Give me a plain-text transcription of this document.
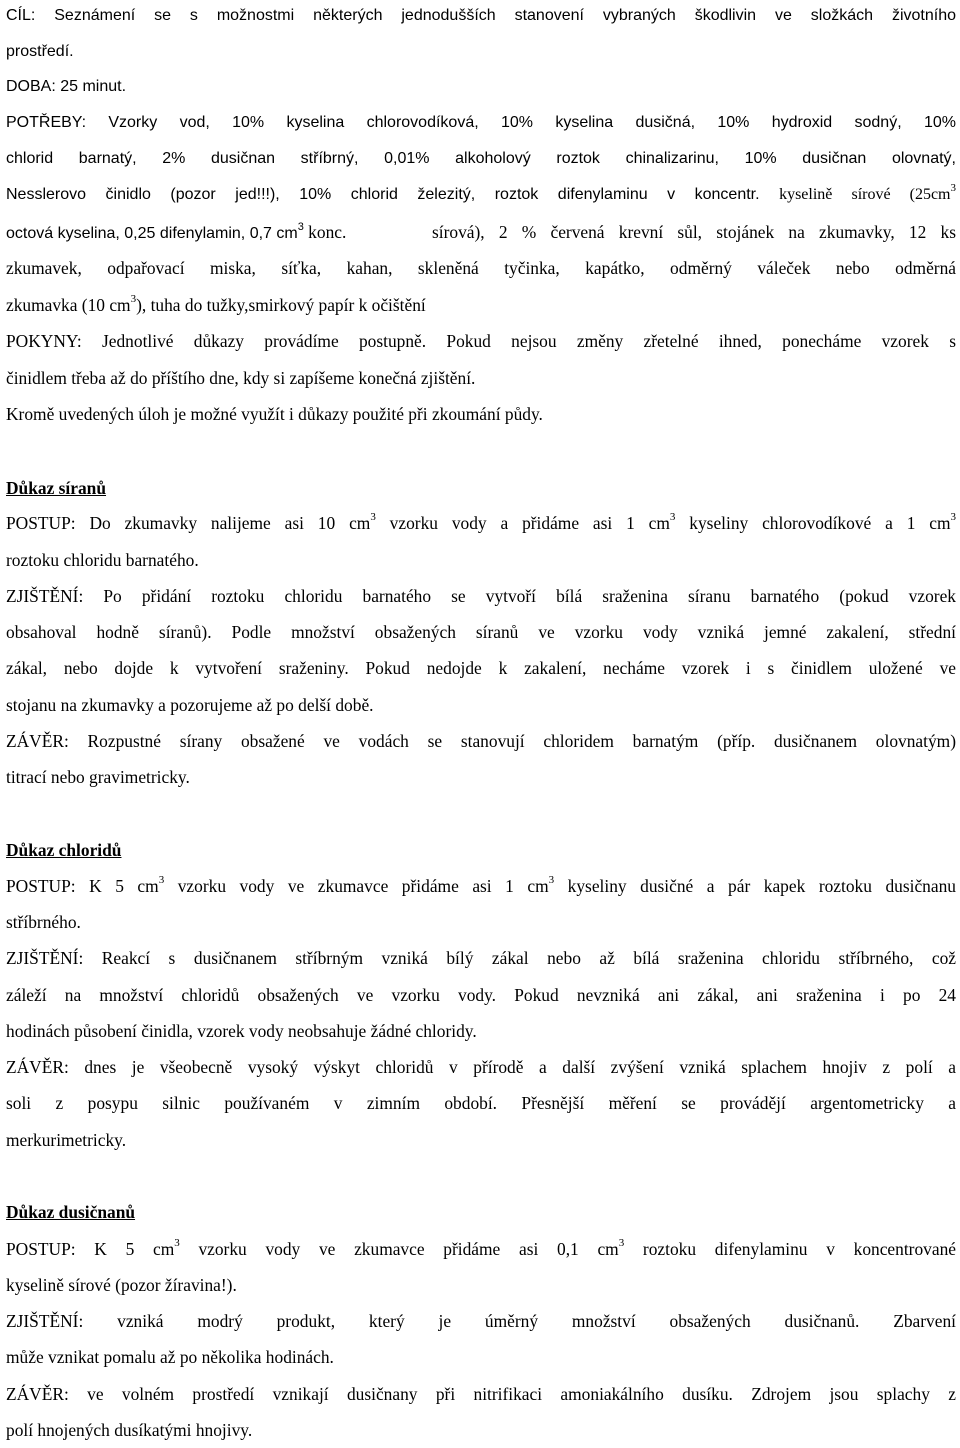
CÍL: Seznámení se s možnostmi některých jednodušších stanovení vybraných škodlivin ve složkách životního
prostředí.
DOBA: 25 minut.
POTŘEBY: Vzorky vod, 10% kyselina chlorovodíková, 10% kyselina dusičná, 10% hydroxid sodný, 10%
chlorid barnatý, 2% dusičnan stříbrný, 0,01% alkoholový roztok chinalizarinu, 10% dusičnan olovnatý,
Nesslerovo činidlo (pozor jed!!!), 10% chlorid železitý, roztok difenylaminu v koncentr. kyselině sírové ($25cm^3$
octová kyselina, 0,25 difenylamin, 0,7 $cm^3$ konc.	sírová), 2 % červená krevní sůl, stojánek na zkumavky, 12 ks
zkumavek, odpařovací miska, síťka, kahan, skleněná tyčinka, kapátko, odměrný váleček nebo odměrná
zkumavka (10 $cm^3$), tuha do tužky,smirkový papír k očištění
POKYNY: Jednotlivé důkazy provádíme postupně. Pokud nejsou změny zřetelné ihned, ponecháme vzorek s
činidlem třeba až do příštího dne, kdy si zapíšeme konečná zjištění.
Kromě uvedených úloh je možné využít i důkazy použité při zkoumání půdy.
Důkaz síranů
POSTUP: Do zkumavky nalijeme asi 10 $cm^3$ vzorku vody a přidáme asi 1 $cm^3$ kyseliny chlorovodíkové a 1 $cm^3$
roztoku chloridu barnatého.
ZJIŠTĚNÍ: Po přidání roztoku chloridu barnatého se vytvoří bílá sraženina síranu barnatého (pokud vzorek
obsahoval hodně síranů). Podle množství obsažených síranů ve vzorku vody vzniká jemné zakalení, střední
zákal, nebo dojde k vytvoření sraženiny. Pokud nedojde k zakalení, necháme vzorek i s činidlem uložené ve
stojanu na zkumavky a pozorujeme až po delší době.
ZÁVĚR: Rozpustné sírany obsažené ve vodách se stanovují chloridem barnatým (příp. dusičnanem olovnatým)
titrací nebo gravimetricky.
Důkaz chloridů
POSTUP: K 5 $cm^3$ vzorku vody ve zkumavce přidáme asi 1 $cm^3$ kyseliny dusičné a pár kapek roztoku dusičnanu
stříbrného.
ZJIŠTĚNÍ: Reakcí s dusičnanem stříbrným vzniká bílý zákal nebo až bílá sraženina chloridu stříbrného, což
záleží na množství chloridů obsažených ve vzorku vody. Pokud nevzniká ani zákal, ani sraženina i po 24
hodinách působení činidla, vzorek vody neobsahuje žádné chloridy.
ZÁVĚR: dnes je všeobecně vysoký výskyt chloridů v přírodě a další zvýšení vzniká splachem hnojiv z polí a
soli z posypu silnic používaném v zimním období. Přesnější měření se provádějí argentometricky a
merkurimetricky.
Důkaz dusičnanů
POSTUP: K 5 $cm^3$ vzorku vody ve zkumavce přidáme asi 0,1 $cm^3$ roztoku difenylaminu v koncentrované
kyselině sírové (pozor žíravina!).
ZJIŠTĚNÍ: vzniká modrý produkt, který je úměrný množství obsažených dusičnanů. Zbarvení
může vznikat pomalu až po několika hodinách.
ZÁVĚR: ve volném prostředí vznikají dusičnany při nitrifikaci amoniakálního dusíku. Zdrojem jsou splachy z
polí hnojených dusíkatými hnojivy.
